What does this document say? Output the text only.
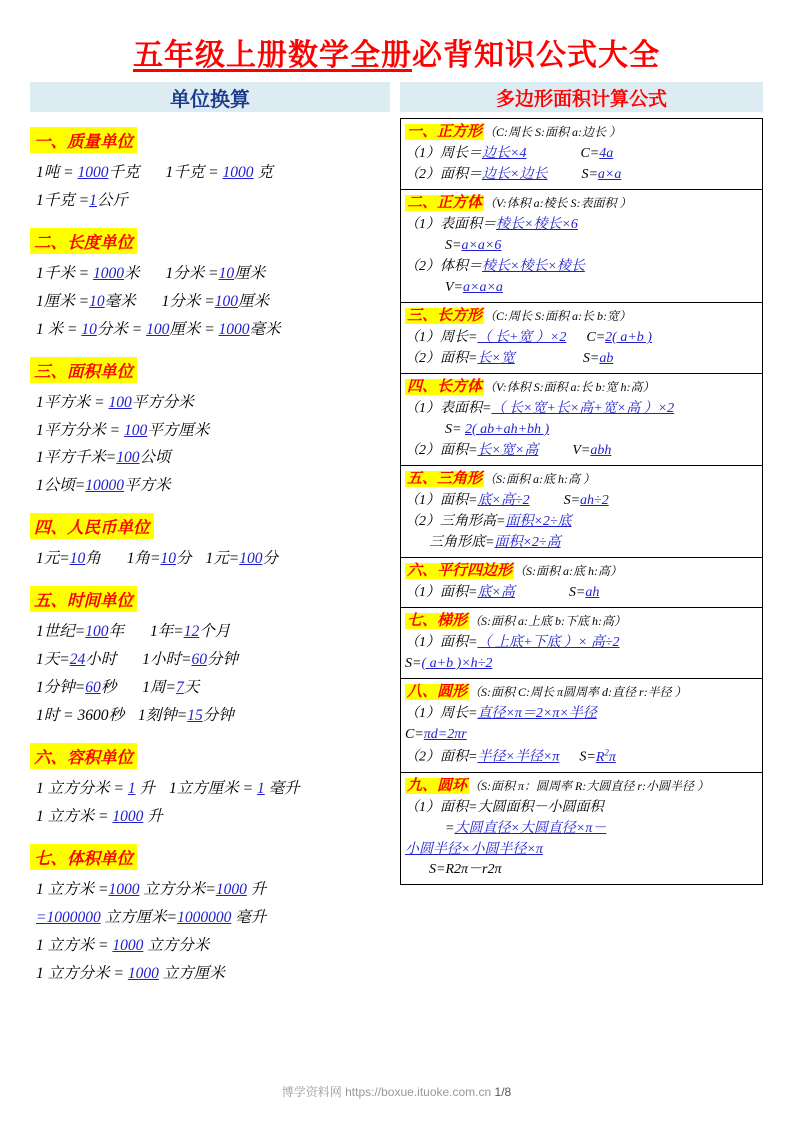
五年级上册数学全册必背知识公式大全
单位换算	多边形面积计算公式
一、质量单位
1吨 = 1000千克 1千克 = 1000 克
1千克 =1公斤
二、长度单位
1千米 = 1000米 1分米 =10厘米
1厘米 =10毫米 1分米 =100厘米
1 米 = 10分米 = 100厘米 = 1000毫米
三、面积单位
1平方米 = 100平方分米
1平方分米 = 100平方厘米
1平方千米=100公顷
1公顷=10000平方米
四、人民币单位
1元=10角 1角=10分 1元=100分
五、时间单位
1世纪=100年 1年=12个月
1天=24小时 1小时=60分钟
1分钟=60秒 1周=7天
1时 = 3600秒 1刻钟=15分钟
六、容积单位
1 立方分米 = 1 升 1立方厘米 = 1 毫升
1 立方米 = 1000 升
七、体积单位
1 立方米 =1000 立方分米=1000 升
=1000000 立方厘米=1000000 毫升
1 立方米 = 1000 立方分米
1 立方分米 = 1000 立方厘米
一、正方形 （C:周长 S:面积 a:边长 ）
（1）周长＝边长×4	C=4a
（2）面积＝边长×边长 S=a×a
二、正方体 （V:体积 a:棱长 S:表面积 ）
（1）表面积＝棱长×棱长×6
S=a×a×6
（2）体积＝棱长×棱长×棱长
V=a×a×a
三、长方形 （C:周长 S:面积 a:长 b:宽）
（1）周长=（ 长+宽 ）×2 C=2( a+b )
（2）面积=长×宽	S=ab
四、长方体 （V:体积 S:面积 a:长 b:宽 h:高）
（1）表面积=（ 长×宽+长×高+宽×高 ）×2
S= 2( ab+ah+bh )
（2）面积=长×宽×高 V=abh
五、三角形 （S:面积 a:底 h:高 ）
（1）面积=底×高÷2 S=ah÷2
（2）三角形高=面积×2÷底
三角形底=面积×2÷高
六、平行四边形 （S:面积 a:底 h:高）
（1）面积=底×高	S=ah
七、梯形 （S:面积 a:上底 b:下底 h:高）
（1）面积=（ 上底+下底 ）× 高÷2
S=( a+b )×h÷2
八、圆形 （S:面积 C:周长 π圆周率 d:直径 r:半径 ）
（1）周长=直径×π＝2×π×半径
C=πd=2πr
（2）面积=半径×半径×π $S=R^2\pi$
九、圆环 （S:面积 π：圆周率 R:大圆直径 r:小圆半径 ）
（1）面积=大圆面积－小圆面积
=大圆直径×大圆直径×π－
小圆半径×小圆半径×π
S=R2π－r2π
博学资料网 https://boxue.ituoke.com.cn 1/8
